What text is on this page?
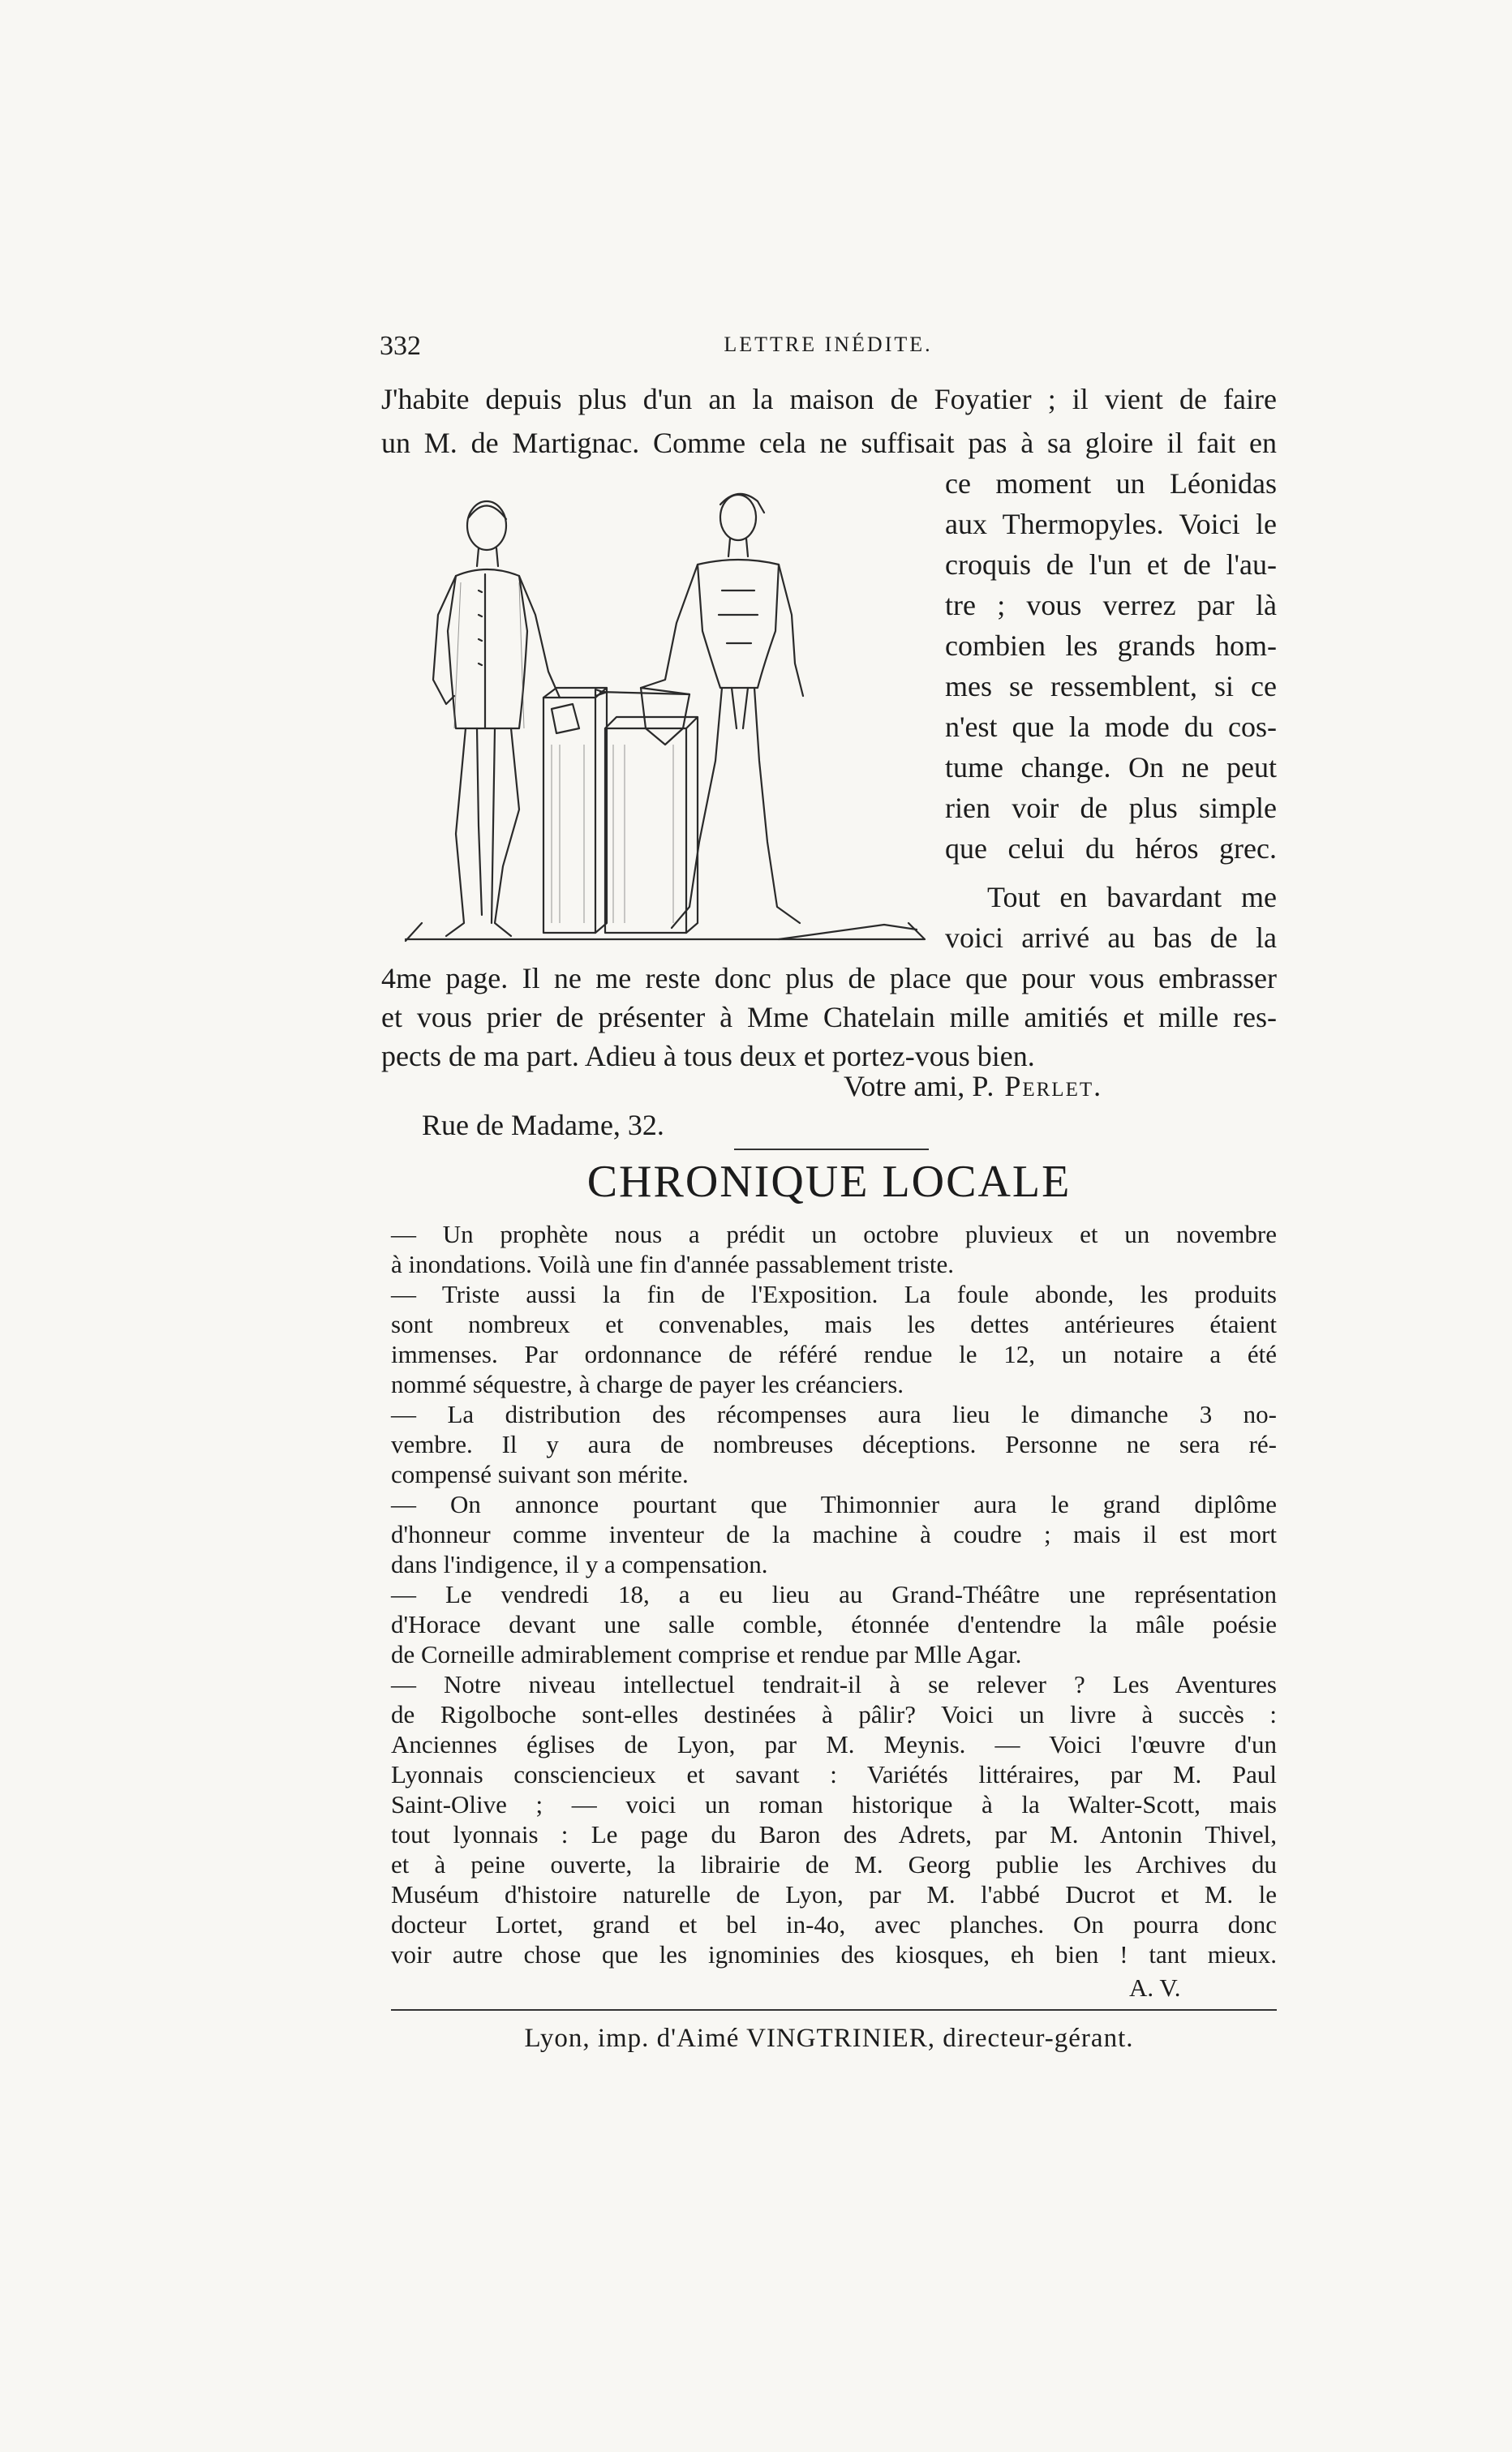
332	LETTRE INÉDITE.
J'habite depuis plus d'un an la maison de Foyatier ; il vient de faire
un M. de Martignac. Comme cela ne suffisait pas à sa gloire il fait en
ce moment un Léonidas
aux Thermopyles. Voici le
croquis de l'un et de l'au-
tre ; vous verrez par là
combien les grands hom-
mes se ressemblent, si ce
n'est que la mode du cos-
tume change. On ne peut
rien voir de plus simple
que celui du héros grec.
Tout en bavardant me
voici arrivé au bas de la
4me page. Il ne me reste donc plus de place que pour vous embrasser
et vous prier de présenter à Mme Chatelain mille amitiés et mille res-
pects de ma part. Adieu à tous deux et portez-vous bien.
Votre ami, P. Perlet.
Rue de Madame, 32.
CHRONIQUE LOCALE
— Un prophète nous a prédit un octobre pluvieux et un novembre
à inondations. Voilà une fin d'année passablement triste.
— Triste aussi la fin de l'Exposition. La foule abonde, les produits
sont nombreux et convenables, mais les dettes antérieures étaient
immenses. Par ordonnance de référé rendue le 12, un notaire a été
nommé séquestre, à charge de payer les créanciers.
— La distribution des récompenses aura lieu le dimanche 3 no-
vembre. Il y aura de nombreuses déceptions. Personne ne sera ré-
compensé suivant son mérite.
— On annonce pourtant que Thimonnier aura le grand diplôme
d'honneur comme inventeur de la machine à coudre ; mais il est mort
dans l'indigence, il y a compensation.
— Le vendredi 18, a eu lieu au Grand-Théâtre une représentation
d'Horace devant une salle comble, étonnée d'entendre la mâle poésie
de Corneille admirablement comprise et rendue par Mlle Agar.
— Notre niveau intellectuel tendrait-il à se relever ? Les Aventures
de Rigolboche sont-elles destinées à pâlir? Voici un livre à succès :
Anciennes églises de Lyon, par M. Meynis. — Voici l'œuvre d'un
Lyonnais consciencieux et savant : Variétés littéraires, par M. Paul
Saint-Olive ; — voici un roman historique à la Walter-Scott, mais
tout lyonnais : Le page du Baron des Adrets, par M. Antonin Thivel,
et à peine ouverte, la librairie de M. Georg publie les Archives du
Muséum d'histoire naturelle de Lyon, par M. l'abbé Ducrot et M. le
docteur Lortet, grand et bel in-4o, avec planches. On pourra donc
voir autre chose que les ignominies des kiosques, eh bien ! tant mieux.
A. V.
Lyon, imp. d'Aimé VINGTRINIER, directeur-gérant.
